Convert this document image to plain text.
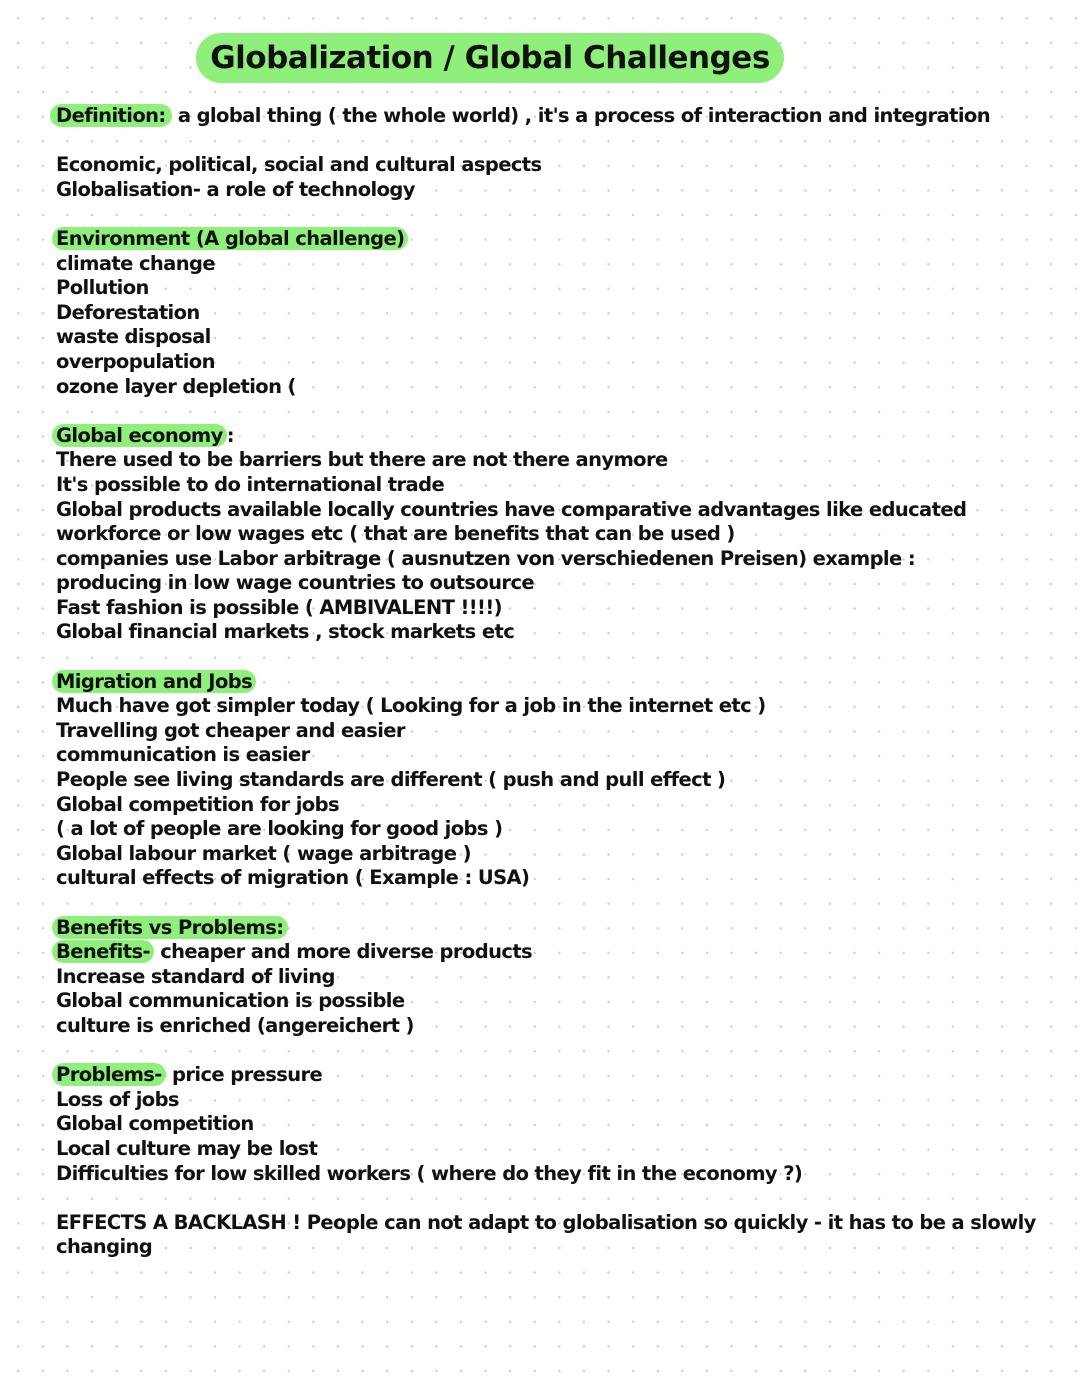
Globalization / Global Challenges
Definition: a global thing ( the whole world) , it's a process of interaction and integration
Economic, political, social and cultural aspects
Globalisation- a role of technology
Environment (A global challenge)
climate change
Pollution
Deforestation
waste disposal
overpopulation
ozone layer depletion (
Global economy :
There used to be barriers but there are not there anymore
It's possible to do international trade
Global products available locally countries have comparative advantages like educated
workforce or low wages etc ( that are benefits that can be used )
companies use Labor arbitrage ( ausnutzen von verschiedenen Preisen) example :
producing in low wage countries to outsource
Fast fashion is possible ( AMBIVALENT !!!!)
Global financial markets , stock markets etc
Migration and Jobs
Much have got simpler today ( Looking for a job in the internet etc )
Travelling got cheaper and easier
communication is easier
People see living standards are different ( push and pull effect )
Global competition for jobs
( a lot of people are looking for good jobs )
Global labour market ( wage arbitrage )
cultural effects of migration ( Example : USA)
Benefits vs Problems:
Benefits- cheaper and more diverse products
Increase standard of living
Global communication is possible
culture is enriched (angereichert )
Problems- price pressure
Loss of jobs
Global competition
Local culture may be lost
Difficulties for low skilled workers ( where do they fit in the economy ?)
EFFECTS A BACKLASH ! People can not adapt to globalisation so quickly - it has to be a slowly
changing
